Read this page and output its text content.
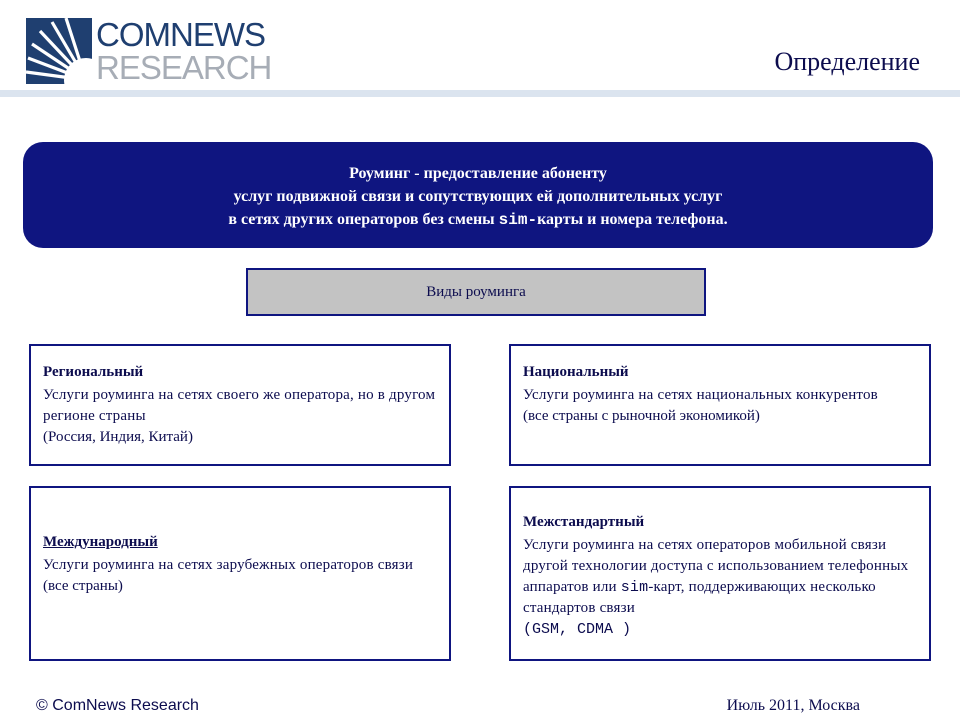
COMNEWS
RESEARCH	Определение
Роуминг - предоставление абоненту
услуг подвижной связи и сопутствующих ей дополнительных услуг
в сетях других операторов без смены sim-карты и номера телефона.
Виды роуминга
Региональный
Услуги роуминга на сетях своего же оператора, но в другом регионе страны
(Россия, Индия, Китай)
Национальный
Услуги роуминга на сетях национальных конкурентов
(все страны с рыночной экономикой)
Международный
Услуги роуминга на сетях зарубежных операторов связи
(все страны)
Межстандартный
Услуги роуминга на сетях операторов мобильной связи другой технологии доступа с использованием телефонных аппаратов или sim-карт, поддерживающих несколько стандартов связи
(GSM, CDMA )
© ComNews Research	Июль 2011, Москва
